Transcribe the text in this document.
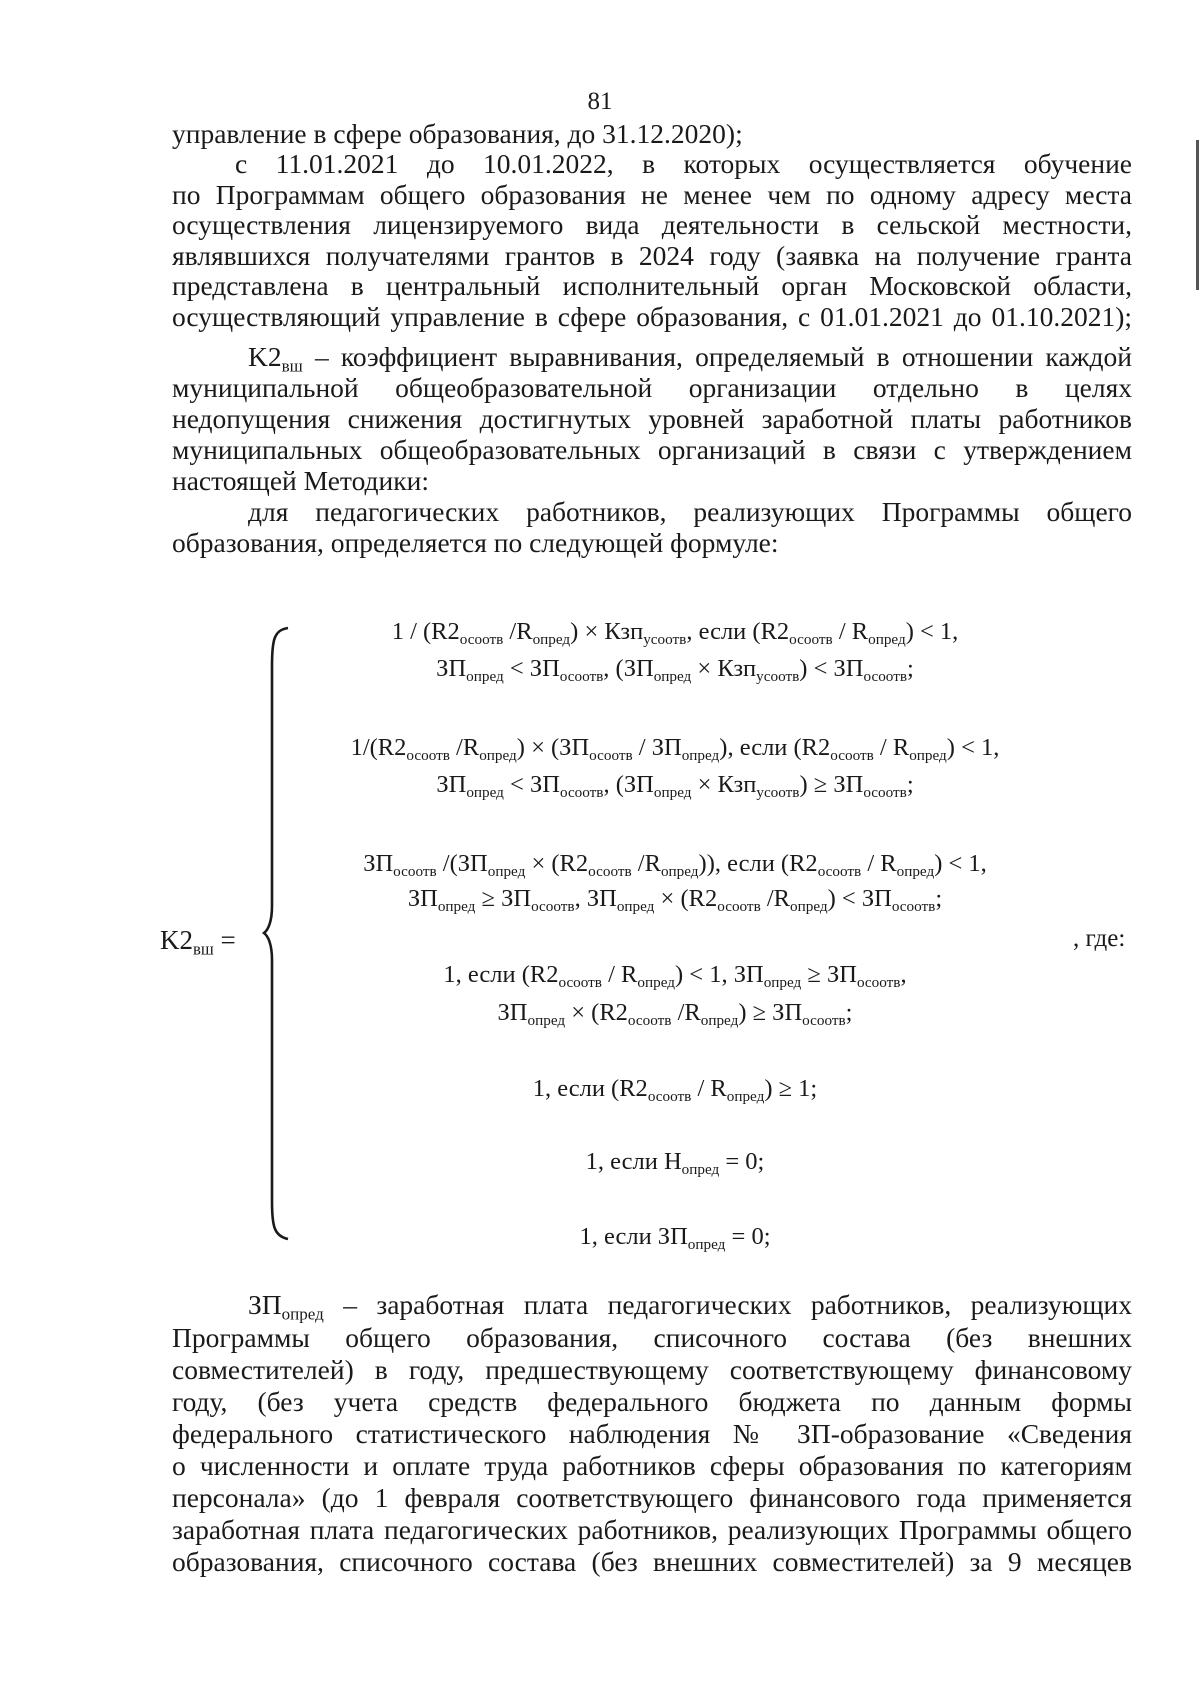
81
управление в сфере образования, до 31.12.2020);
с 11.01.2021 до 10.01.2022, в которых осуществляется обучение
по Программам общего образования не менее чем по одному адресу места
осуществления лицензируемого вида деятельности в сельской местности,
являвшихся получателями грантов в 2024 году (заявка на получение гранта
представлена в центральный исполнительный орган Московской области,
осуществляющий управление в сфере образования, с 01.01.2021 до 01.10.2021);
$K2_{вш}$ – коэффициент выравнивания, определяемый в отношении каждой
муниципальной общеобразовательной организации отдельно в целях
недопущения снижения достигнутых уровней заработной платы работников
муниципальных общеобразовательных организаций в связи с утверждением
настоящей Методики:
для педагогических работников, реализующих Программы общего
образования, определяется по следующей формуле:
$K2_{вш}$ =	, где:
$1 / (R2_{осоотв}$ $/R_{опред}) \times Кзп_{усоотв}$, если $(R2_{осоотв} / R_{опред}) < 1$,
$ЗП_{опред} < ЗП_{осоотв}$, $(ЗП_{опред} \times Кзп_{усоотв}) < ЗП_{осоотв}$;
$1/(R2_{осоотв}$ $/R_{опред}) \times (ЗП_{осоотв} / ЗП_{опред})$, если $(R2_{осоотв} / R_{опред}) < 1$,
$ЗП_{опред} < ЗП_{осоотв}$, $(ЗП_{опред} \times Кзп_{усоотв}) \ge ЗП_{осоотв}$;
$ЗП_{осоотв}$ $/(ЗП_{опред} \times (R2_{осоотв}$ $/R_{опред}$)), если $(R2_{осоотв} / R_{опред}) < 1$,
$ЗП_{опред} \ge ЗП_{осоотв}$, $ЗП_{опред} \times (R2_{осоотв}$ $/R_{опред}) < ЗП_{осоотв}$;
1, если $(R2_{осоотв} / R_{опред}) < 1$, $ЗП_{опред} \ge ЗП_{осоотв}$,
$ЗП_{опред} \times (R2_{осоотв}$ $/R_{опред}) \ge ЗП_{осоотв}$;
1, если $(R2_{осоотв} / R_{опред}) \ge 1$;
1, если $Н_{опред} = 0$;
1, если $ЗП_{опред} = 0$;
$ЗП_{опред}$ – заработная плата педагогических работников, реализующих
Программы общего образования, списочного состава (без внешних
совместителей) в году, предшествующему соответствующему финансовому
году, (без учета средств федерального бюджета по данным формы
федерального статистического наблюдения № ЗП-образование «Сведения
о численности и оплате труда работников сферы образования по категориям
персонала» (до 1 февраля соответствующего финансового года применяется
заработная плата педагогических работников, реализующих Программы общего
образования, списочного состава (без внешних совместителей) за 9 месяцев
